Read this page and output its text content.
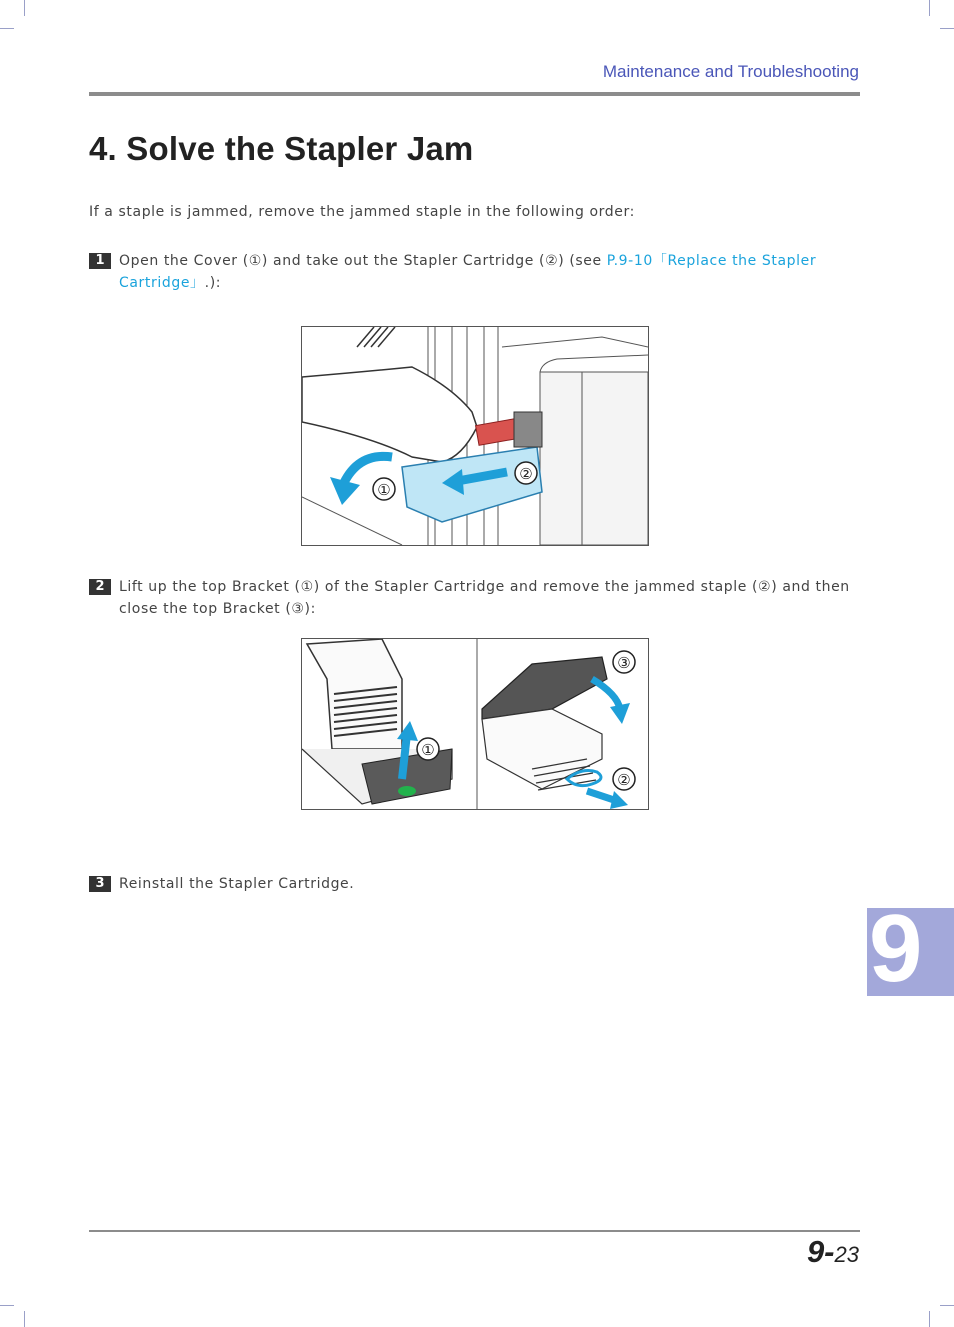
Maintenance and Troubleshooting
4. Solve the Stapler Jam
If a staple is jammed, remove the jammed staple in the following order:
1	Open the Cover (①) and take out the Stapler Cartridge (②) (see P.9-10「Replace the Stapler Cartridge」.):
①
②
2	Lift up the top Bracket (①) of the Stapler Cartridge and remove the jammed staple (②) and then close the top Bracket (③):
①
③
②
3	Reinstall the Stapler Cartridge.
9
9-23
